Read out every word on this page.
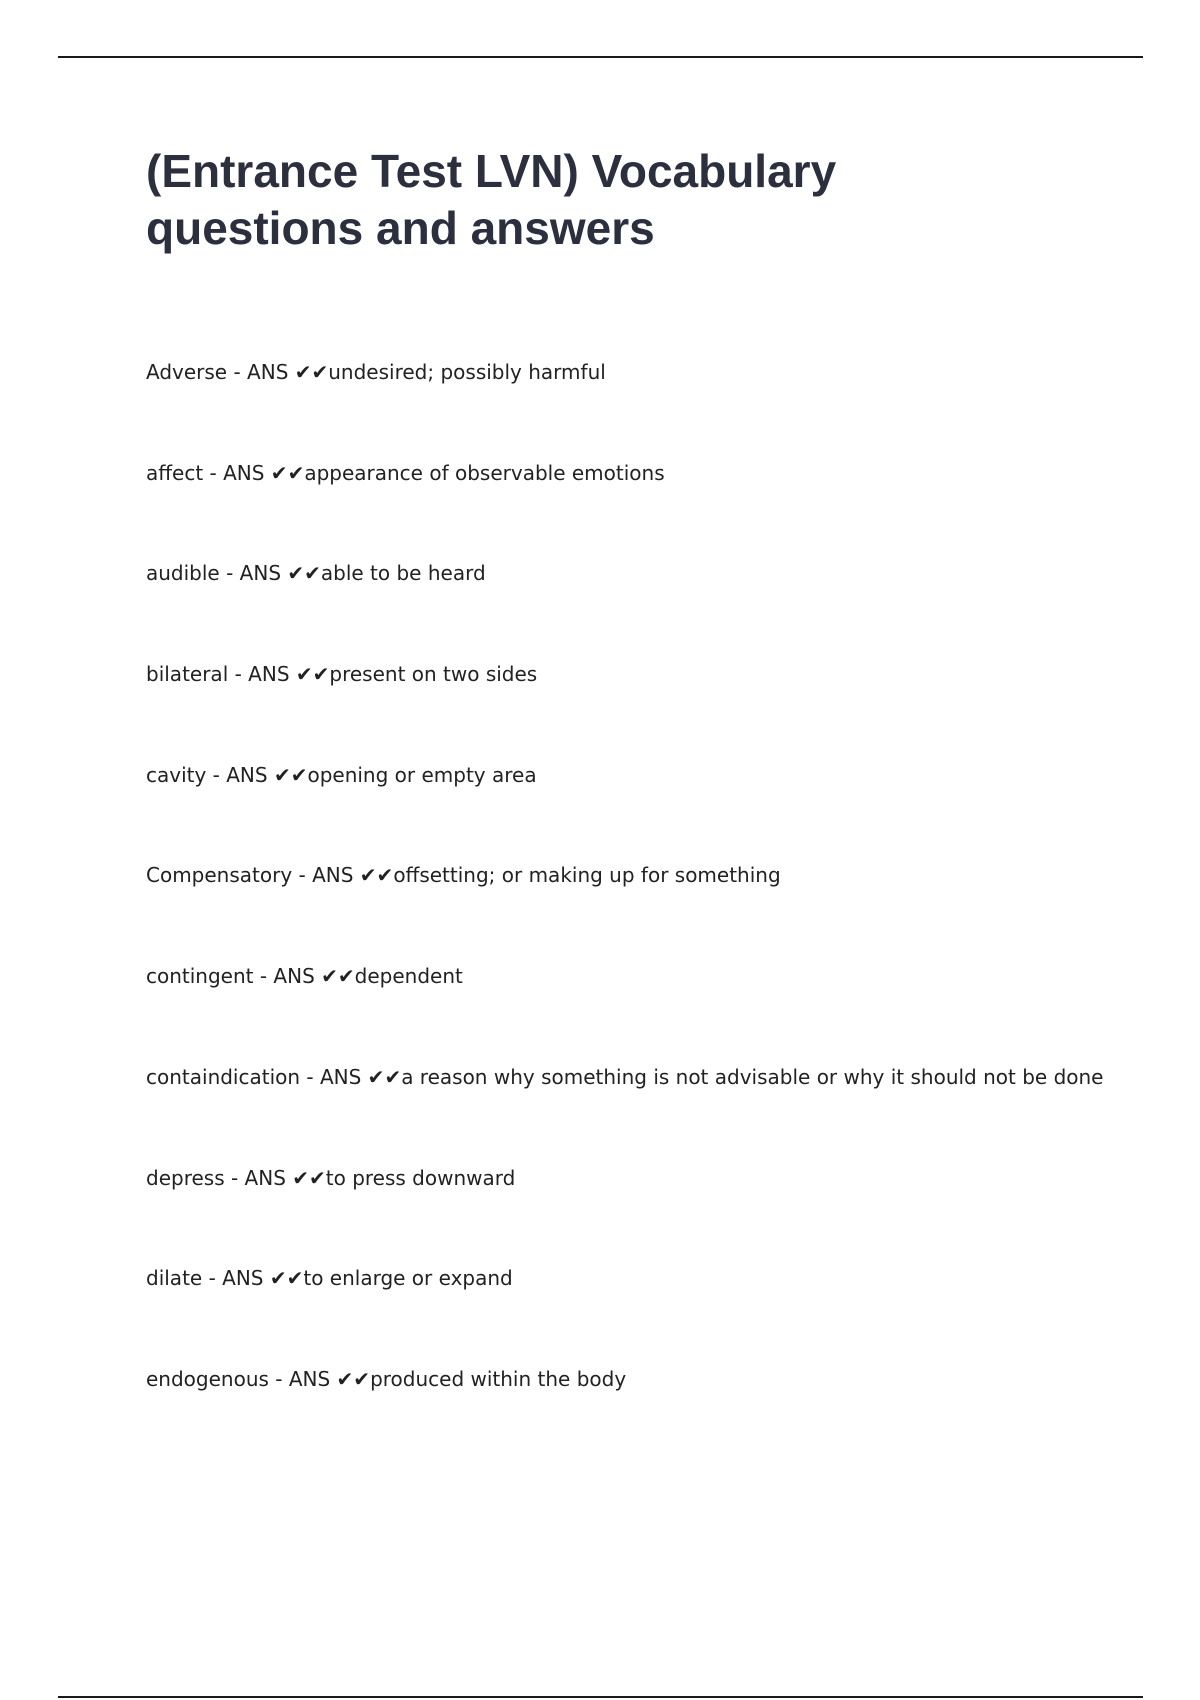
(Entrance Test LVN) Vocabulary
questions and answers
Adverse - ANS ✔✔undesired; possibly harmful
affect - ANS ✔✔appearance of observable emotions
audible - ANS ✔✔able to be heard
bilateral - ANS ✔✔present on two sides
cavity - ANS ✔✔opening or empty area
Compensatory - ANS ✔✔offsetting; or making up for something
contingent - ANS ✔✔dependent
containdication - ANS ✔✔a reason why something is not advisable or why it should not be done
depress - ANS ✔✔to press downward
dilate - ANS ✔✔to enlarge or expand
endogenous - ANS ✔✔produced within the body
